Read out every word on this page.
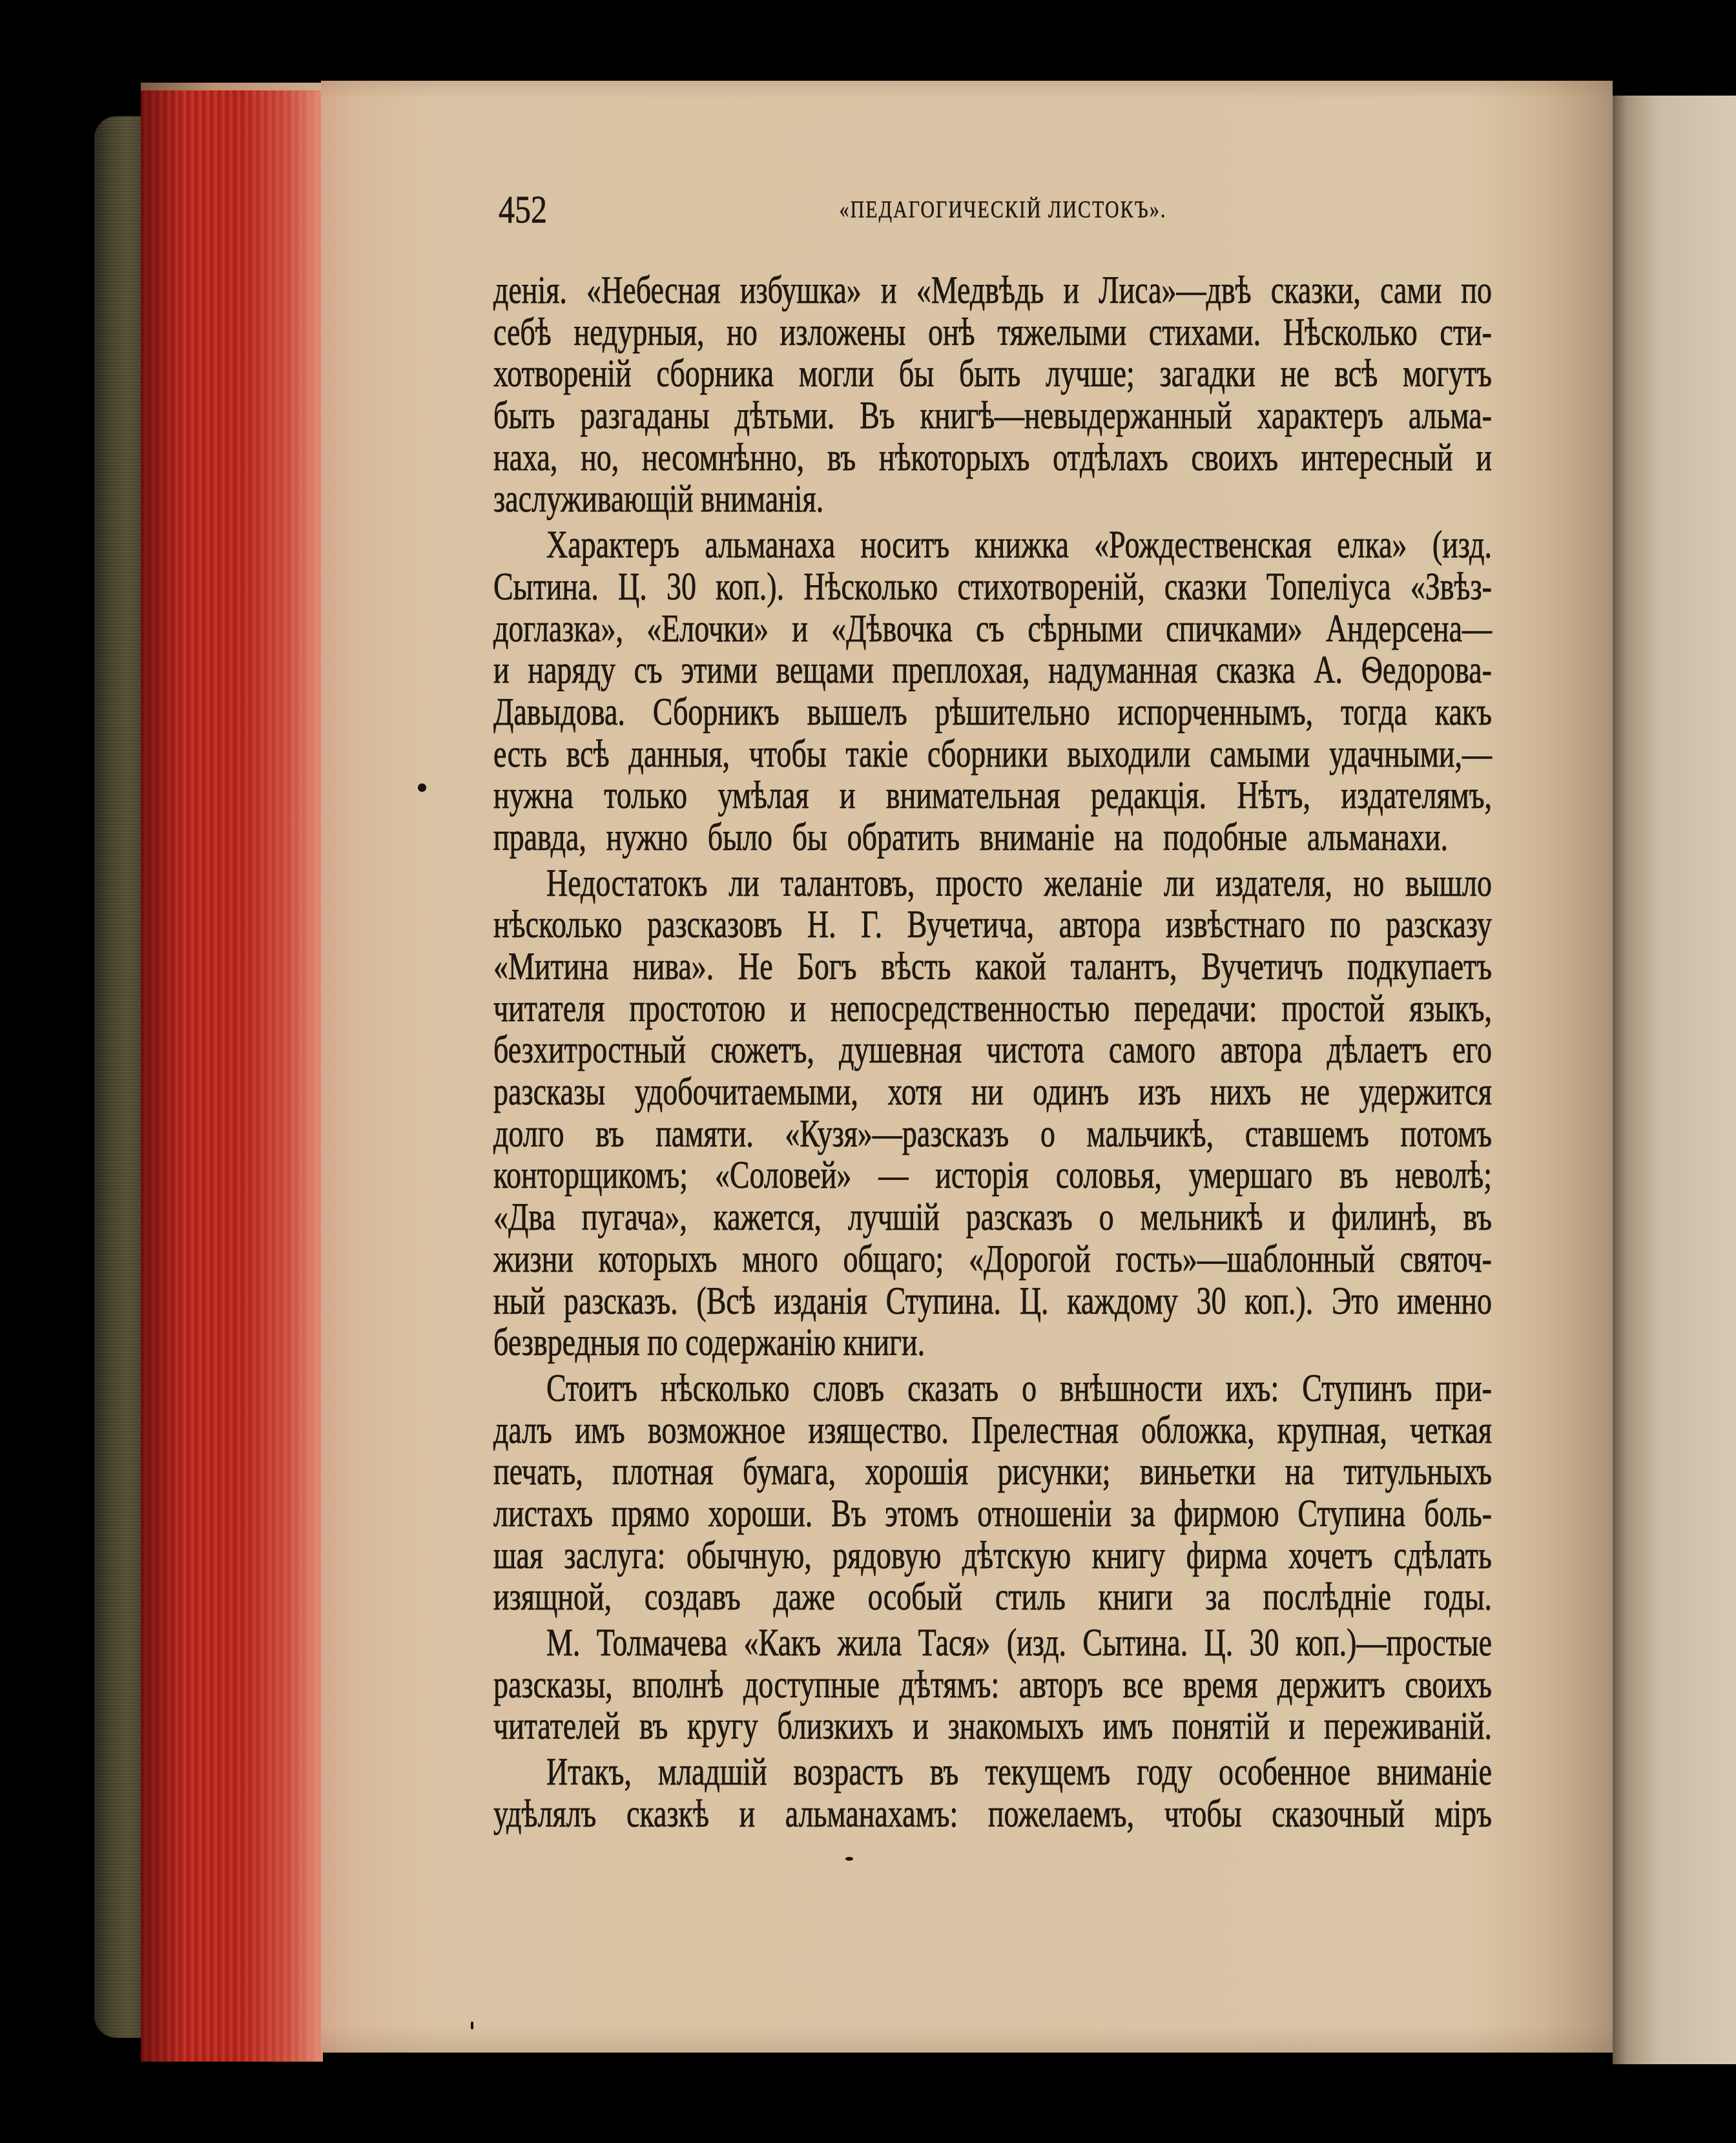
452	«ПЕДАГОГИЧЕСКІЙ ЛИСТОКЪ».
денія. «Небесная избушка» и «Медвѣдь и Лиса»—двѣ сказки, сами по
себѣ недурныя, но изложены онѣ тяжелыми стихами. Нѣсколько сти-
хотвореній сборника могли бы быть лучше; загадки не всѣ могутъ
быть разгаданы дѣтьми. Въ книгѣ—невыдержанный характеръ альма-
наха, но, несомнѣнно, въ нѣкоторыхъ отдѣлахъ своихъ интересный и
заслуживающій вниманія.
Характеръ альманаха носитъ книжка «Рождественская елка» (изд.
Сытина. Ц. 30 коп.). Нѣсколько стихотвореній, сказки Топеліуса «Звѣз-
доглазка», «Елочки» и «Дѣвочка съ сѣрными спичками» Андерсена—
и наряду съ этими вещами преплохая, надуманная сказка А. Ѳедорова-
Давыдова. Сборникъ вышелъ рѣшительно испорченнымъ, тогда какъ
есть всѣ данныя, чтобы такіе сборники выходили самыми удачными,—
нужна только умѣлая и внимательная редакція. Нѣтъ, издателямъ,
правда, нужно было бы обратить вниманіе на подобные альманахи.
Недостатокъ ли талантовъ, просто желаніе ли издателя, но вышло
нѣсколько разсказовъ Н. Г. Вучетича, автора извѣстнаго по разсказу
«Митина нива». Не Богъ вѣсть какой талантъ, Вучетичъ подкупаетъ
читателя простотою и непосредственностью передачи: простой языкъ,
безхитростный сюжетъ, душевная чистота самого автора дѣлаетъ его
разсказы удобочитаемыми, хотя ни одинъ изъ нихъ не удержится
долго въ памяти. «Кузя»—разсказъ о мальчикѣ, ставшемъ потомъ
конторщикомъ; «Соловей» — исторія соловья, умершаго въ неволѣ;
«Два пугача», кажется, лучшій разсказъ о мельникѣ и филинѣ, въ
жизни которыхъ много общаго; «Дорогой гость»—шаблонный святоч-
ный разсказъ. (Всѣ изданія Ступина. Ц. каждому 30 коп.). Это именно
безвредныя по содержанію книги.
Стоитъ нѣсколько словъ сказать о внѣшности ихъ: Ступинъ при-
далъ имъ возможное изящество. Прелестная обложка, крупная, четкая
печать, плотная бумага, хорошія рисунки; виньетки на титульныхъ
листахъ прямо хороши. Въ этомъ отношеніи за фирмою Ступина боль-
шая заслуга: обычную, рядовую дѣтскую книгу фирма хочетъ сдѣлать
изящной, создавъ даже особый стиль книги за послѣдніе годы.
М. Толмачева «Какъ жила Тася» (изд. Сытина. Ц. 30 коп.)—простые
разсказы, вполнѣ доступные дѣтямъ: авторъ все время держитъ своихъ
читателей въ кругу близкихъ и знакомыхъ имъ понятій и переживаній.
Итакъ, младшій возрастъ въ текущемъ году особенное вниманіе
удѣлялъ сказкѣ и альманахамъ: пожелаемъ, чтобы сказочный міръ
